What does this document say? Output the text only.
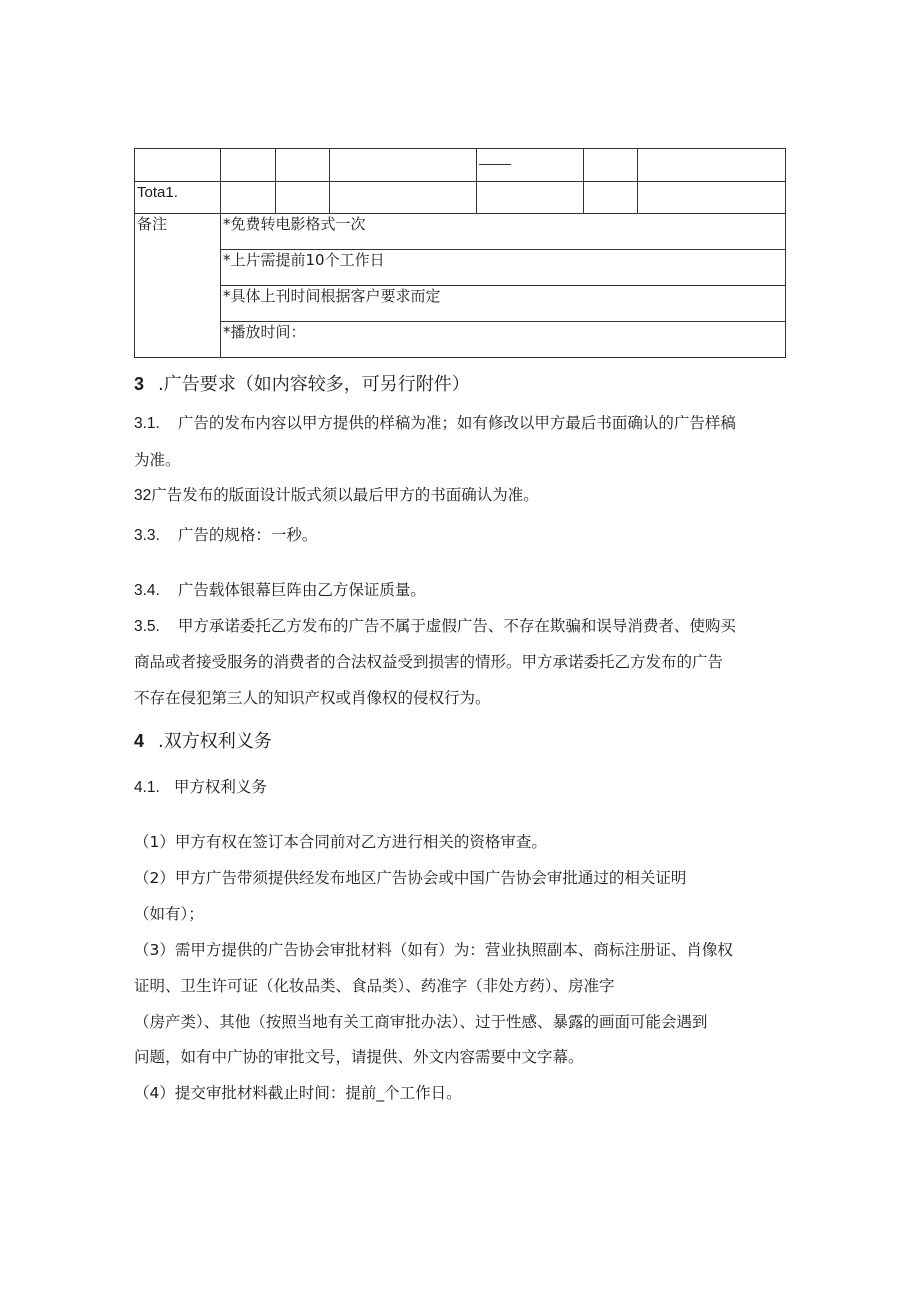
Tota1.						
备注	*免费转电影格式一次					
	*上片需提前10个工作日					
	*具体上刊时间根据客户要求而定					
	*播放时间：					
3 .广告要求（如内容较多，可另行附件）
3.1. 广告的发布内容以甲方提供的样稿为准；如有修改以甲方最后书面确认的广告样稿
为准。
32广告发布的版面设计版式须以最后甲方的书面确认为准。
3.3. 广告的规格：一秒。
3.4. 广告载体银幕巨阵由乙方保证质量。
3.5. 甲方承诺委托乙方发布的广告不属于虚假广告、不存在欺骗和误导消费者、使购买
商品或者接受服务的消费者的合法权益受到损害的情形。甲方承诺委托乙方发布的广告
不存在侵犯第三人的知识产权或肖像权的侵权行为。
4 .双方权利义务
4.1. 甲方权利义务
（1）甲方有权在签订本合同前对乙方进行相关的资格审查。
（2）甲方广告带须提供经发布地区广告协会或中国广告协会审批通过的相关证明
（如有）；
（3）需甲方提供的广告协会审批材料（如有）为：营业执照副本、商标注册证、肖像权
证明、卫生许可证（化妆品类、食品类）、药准字（非处方药）、房准字
（房产类）、其他（按照当地有关工商审批办法）、过于性感、暴露的画面可能会遇到
问题，如有中广协的审批文号，请提供、外文内容需要中文字幕。
（4）提交审批材料截止时间：提前_个工作日。
